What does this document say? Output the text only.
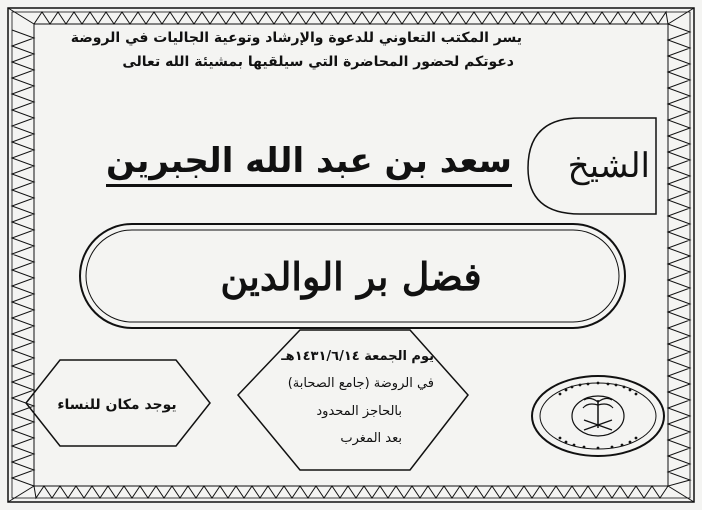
يسر المكتب التعاوني للدعوة والإرشاد وتوعية الجاليات في الروضة
دعوتكم لحضور المحاضرة التي سيلقيها بمشيئة الله تعالى
الشيخ
سعد بن عبد الله الجبرين
فضل بر الوالدين
يوم الجمعة ١٤٣١/٦/١٤هـ
في الروضة (جامع الصحابة)
بالحاجز المحدود
بعد المغرب
يوجد مكان للنساء
